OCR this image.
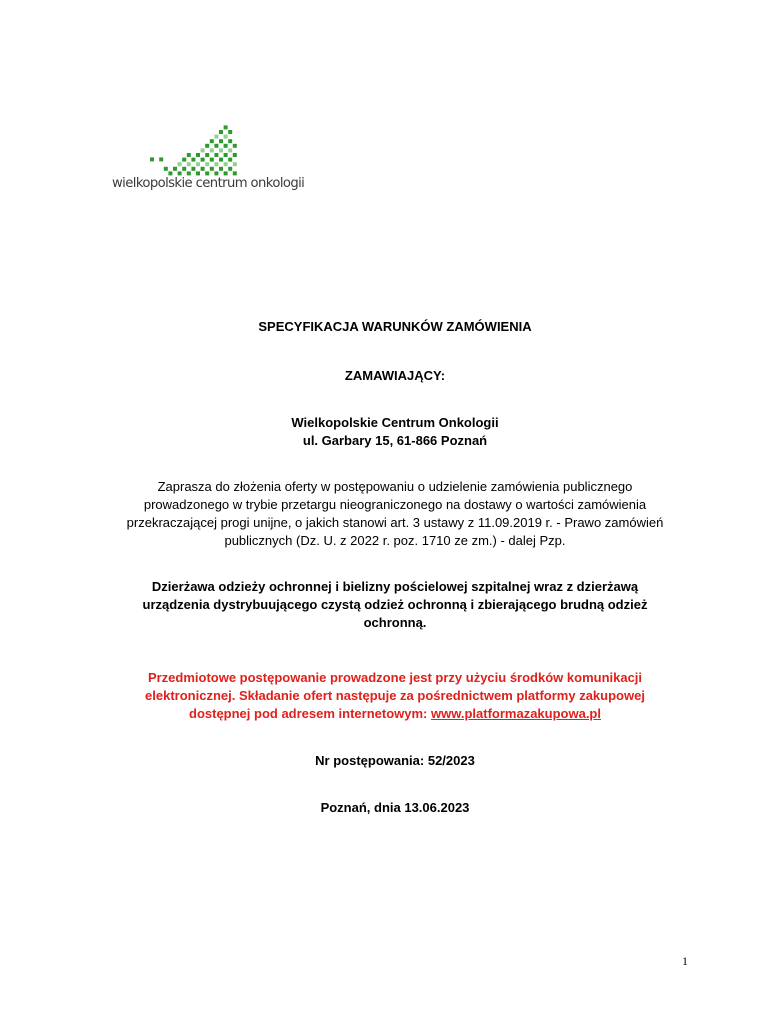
wielkopolskie centrum onkologii
SPECYFIKACJA WARUNKÓW ZAMÓWIENIA
ZAMAWIAJĄCY:
Wielkopolskie Centrum Onkologii
ul. Garbary 15, 61-866 Poznań
Zaprasza do złożenia oferty w postępowaniu o udzielenie zamówienia publicznego
prowadzonego w trybie przetargu nieograniczonego na dostawy o wartości zamówienia
przekraczającej progi unijne, o jakich stanowi art. 3 ustawy z 11.09.2019 r. - Prawo zamówień
publicznych (Dz. U. z 2022 r. poz. 1710 ze zm.) - dalej Pzp.
Dzierżawa odzieży ochronnej i bielizny pościelowej szpitalnej wraz z dzierżawą
urządzenia dystrybuującego czystą odzież ochronną i zbierającego brudną odzież
ochronną.
Przedmiotowe postępowanie prowadzone jest przy użyciu środków komunikacji
elektronicznej. Składanie ofert następuje za pośrednictwem platformy zakupowej
dostępnej pod adresem internetowym: www.platformazakupowa.pl
Nr postępowania: 52/2023
Poznań, dnia 13.06.2023
1
